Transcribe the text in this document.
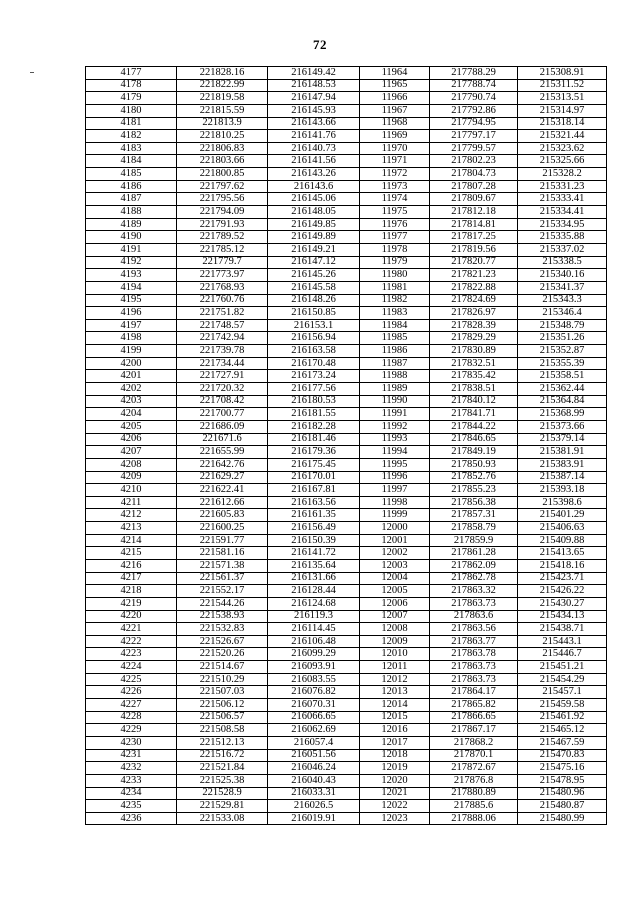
72
4177	221828.16	216149.42	11964	217788.29	215308.91
4178	221822.99	216148.53	11965	217788.74	215311.52
4179	221819.58	216147.94	11966	217790.74	215313.51
4180	221815.59	216145.93	11967	217792.86	215314.97
4181	221813.9	216143.66	11968	217794.95	215318.14
4182	221810.25	216141.76	11969	217797.17	215321.44
4183	221806.83	216140.73	11970	217799.57	215323.62
4184	221803.66	216141.56	11971	217802.23	215325.66
4185	221800.85	216143.26	11972	217804.73	215328.2
4186	221797.62	216143.6	11973	217807.28	215331.23
4187	221795.56	216145.06	11974	217809.67	215333.41
4188	221794.09	216148.05	11975	217812.18	215334.41
4189	221791.93	216149.85	11976	217814.81	215334.95
4190	221789.52	216149.89	11977	217817.25	215335.88
4191	221785.12	216149.21	11978	217819.56	215337.02
4192	221779.7	216147.12	11979	217820.77	215338.5
4193	221773.97	216145.26	11980	217821.23	215340.16
4194	221768.93	216145.58	11981	217822.88	215341.37
4195	221760.76	216148.26	11982	217824.69	215343.3
4196	221751.82	216150.85	11983	217826.97	215346.4
4197	221748.57	216153.1	11984	217828.39	215348.79
4198	221742.94	216156.94	11985	217829.29	215351.26
4199	221739.78	216163.58	11986	217830.89	215352.87
4200	221734.44	216170.48	11987	217832.51	215355.39
4201	221727.91	216173.24	11988	217835.42	215358.51
4202	221720.32	216177.56	11989	217838.51	215362.44
4203	221708.42	216180.53	11990	217840.12	215364.84
4204	221700.77	216181.55	11991	217841.71	215368.99
4205	221686.09	216182.28	11992	217844.22	215373.66
4206	221671.6	216181.46	11993	217846.65	215379.14
4207	221655.99	216179.36	11994	217849.19	215381.91
4208	221642.76	216175.45	11995	217850.93	215383.91
4209	221629.27	216170.01	11996	217852.76	215387.14
4210	221622.41	216167.81	11997	217855.23	215393.18
4211	221612.66	216163.56	11998	217856.38	215398.6
4212	221605.83	216161.35	11999	217857.31	215401.29
4213	221600.25	216156.49	12000	217858.79	215406.63
4214	221591.77	216150.39	12001	217859.9	215409.88
4215	221581.16	216141.72	12002	217861.28	215413.65
4216	221571.38	216135.64	12003	217862.09	215418.16
4217	221561.37	216131.66	12004	217862.78	215423.71
4218	221552.17	216128.44	12005	217863.32	215426.22
4219	221544.26	216124.68	12006	217863.73	215430.27
4220	221538.93	216119.3	12007	217863.6	215434.13
4221	221532.83	216114.45	12008	217863.56	215438.71
4222	221526.67	216106.48	12009	217863.77	215443.1
4223	221520.26	216099.29	12010	217863.78	215446.7
4224	221514.67	216093.91	12011	217863.73	215451.21
4225	221510.29	216083.55	12012	217863.73	215454.29
4226	221507.03	216076.82	12013	217864.17	215457.1
4227	221506.12	216070.31	12014	217865.82	215459.58
4228	221506.57	216066.65	12015	217866.65	215461.92
4229	221508.58	216062.69	12016	217867.17	215465.12
4230	221512.13	216057.4	12017	217868.2	215467.59
4231	221516.72	216051.56	12018	217870.1	215470.83
4232	221521.84	216046.24	12019	217872.67	215475.16
4233	221525.38	216040.43	12020	217876.8	215478.95
4234	221528.9	216033.31	12021	217880.89	215480.96
4235	221529.81	216026.5	12022	217885.6	215480.87
4236	221533.08	216019.91	12023	217888.06	215480.99
